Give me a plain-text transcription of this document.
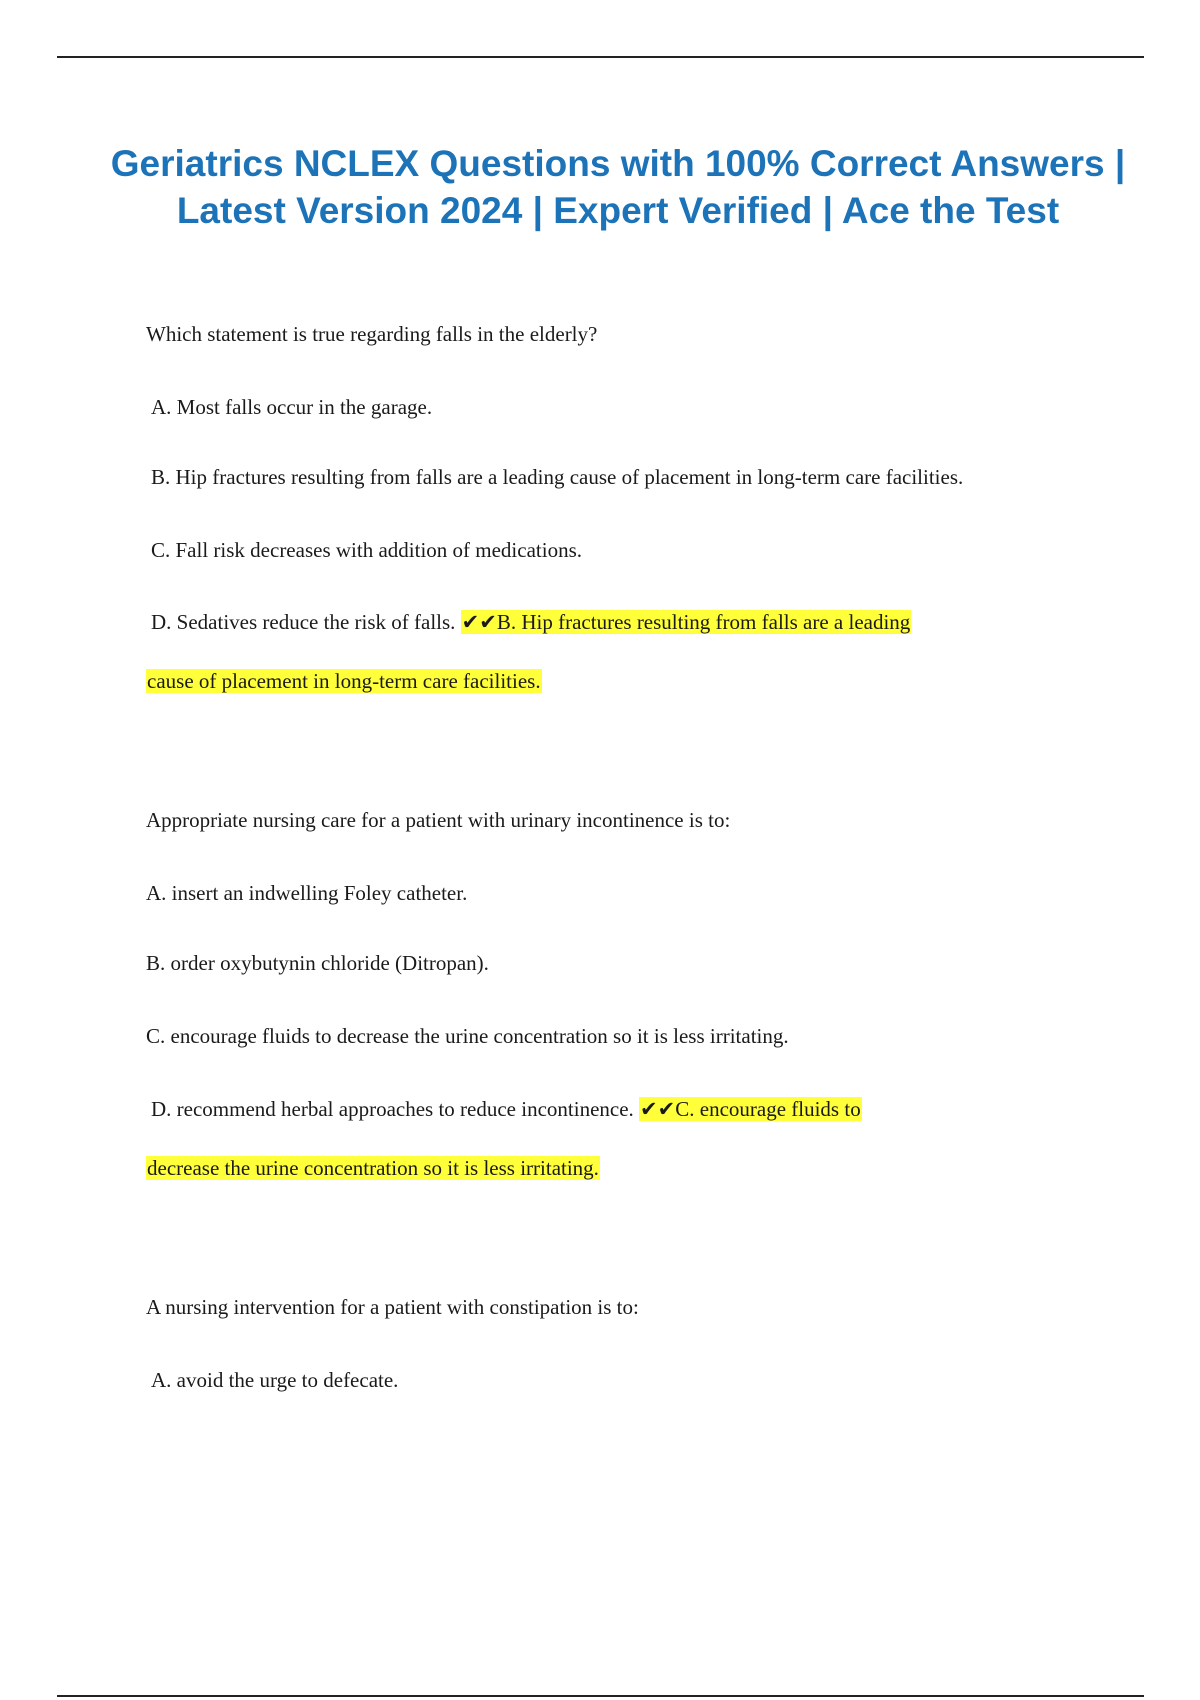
Geriatrics NCLEX Questions with 100% Correct Answers | Latest Version 2024 | Expert Verified | Ace the Test

Which statement is true regarding falls in the elderly?

A. Most falls occur in the garage.

B. Hip fractures resulting from falls are a leading cause of placement in long-term care facilities.

C. Fall risk decreases with addition of medications.

D. Sedatives reduce the risk of falls. ✔✔B. Hip fractures resulting from falls are a leading

cause of placement in long-term care facilities.

Appropriate nursing care for a patient with urinary incontinence is to:

A. insert an indwelling Foley catheter.

B. order oxybutynin chloride (Ditropan).

C. encourage fluids to decrease the urine concentration so it is less irritating.

D. recommend herbal approaches to reduce incontinence. ✔✔C. encourage fluids to

decrease the urine concentration so it is less irritating.

A nursing intervention for a patient with constipation is to:

A. avoid the urge to defecate.
